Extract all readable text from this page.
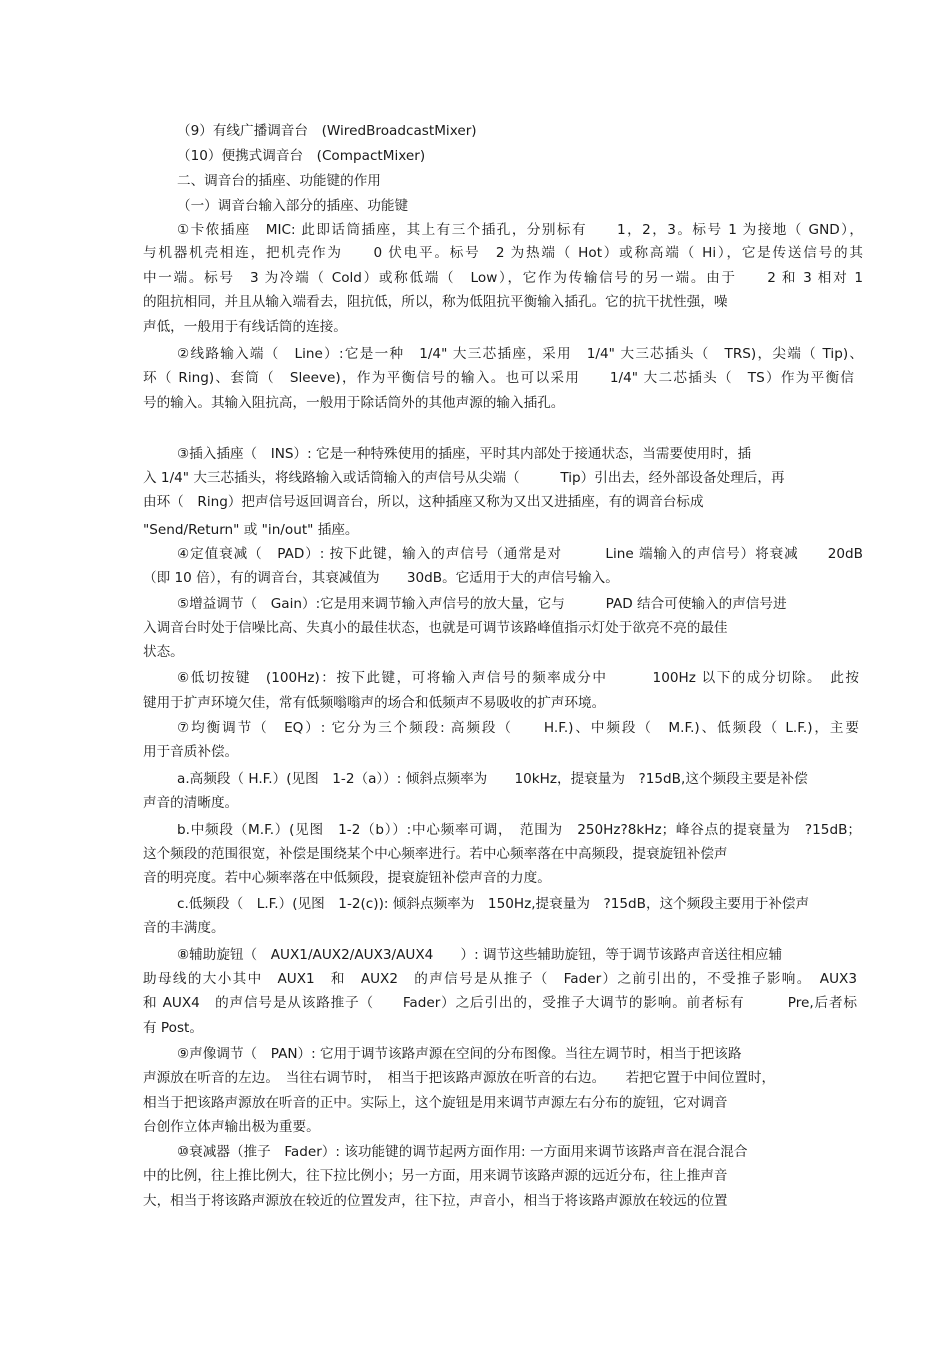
（9）有线广播调音台　(WiredBroadcastMixer)
（10）便携式调音台　(CompactMixer)
二、调音台的插座、功能键的作用
（一）调音台输入部分的插座、功能键
①卡侬插座　MIC: 此即话筒插座，其上有三个插孔，分别标有　　1，2，3。标号 1 为接地（ GND），
与机器机壳相连，把机壳作为　　0 伏电平。标号　2 为热端（ Hot）或称高端（ Hi），它是传送信号的其
中一端。标号　3 为冷端（ Cold）或称低端（　Low），它作为传输信号的另一端。由于　　2 和 3 相对 1
的阻抗相同，并且从输入端看去，阻抗低，所以，称为低阻抗平衡输入插孔。它的抗干扰性强，噪
声低，一般用于有线话筒的连接。
②线路输入端（　Line）:它是一种　1/4" 大三芯插座，采用　1/4" 大三芯插头（　TRS)，尖端（ Tip)、
环（ Ring)、套筒（　Sleeve)，作为平衡信号的输入。也可以采用　　1/4" 大二芯插头（　TS）作为平衡信
号的输入。其输入阻抗高，一般用于除话筒外的其他声源的输入插孔。
③插入插座（　INS）: 它是一种特殊使用的插座，平时其内部处于接通状态，当需要使用时，插
入 1/4" 大三芯插头，将线路输入或话筒输入的声信号从尖端（　　　Tip）引出去，经外部设备处理后，再
由环（　Ring）把声信号返回调音台，所以，这种插座又称为又出又进插座，有的调音台标成
"Send/Return" 或 "in/out" 插座。
④定值衰减（　PAD）: 按下此键，输入的声信号（通常是对　　　Line 端输入的声信号）将衰减　　20dB
（即 10 倍），有的调音台，其衰减值为　　30dB。它适用于大的声信号输入。
⑤增益调节（　Gain）:它是用来调节输入声信号的放大量，它与　　　PAD 结合可使输入的声信号进
入调音台时处于信噪比高、失真小的最佳状态，也就是可调节该路峰值指示灯处于欲亮不亮的最佳
状态。
⑥低切按键　(100Hz)：按下此键，可将输入声信号的频率成分中　　　100Hz 以下的成分切除。　此按
键用于扩声环境欠佳，常有低频嗡嗡声的场合和低频声不易吸收的扩声环境。
⑦均衡调节（　EQ）: 它分为三个频段: 高频段（　　H.F.)、中频段（　M.F.)、低频段（ L.F.)，主要
用于音质补偿。
a.高频段（ H.F.）(见图　1-2（a））: 倾斜点频率为　　10kHz，提衰量为　?15dB,这个频段主要是补偿
声音的清晰度。
b.中频段（M.F.）(见图　1-2（b））:中心频率可调，　范围为　250Hz?8kHz；峰谷点的提衰量为　?15dB；
这个频段的范围很宽，补偿是围绕某个中心频率进行。若中心频率落在中高频段，提衰旋钮补偿声
音的明亮度。若中心频率落在中低频段，提衰旋钮补偿声音的力度。
c.低频段（　L.F.）(见图　1-2(c)): 倾斜点频率为　150Hz,提衰量为　?15dB，这个频段主要用于补偿声
音的丰满度。
⑧辅助旋钮（　AUX1/AUX2/AUX3/AUX4　　）: 调节这些辅助旋钮，等于调节该路声音送往相应辅
助母线的大小其中　AUX1　和　AUX2　的声信号是从推子（　Fader）之前引出的，不受推子影响。　AUX3
和 AUX4　的声信号是从该路推子（　　Fader）之后引出的，受推子大调节的影响。前者标有　　　Pre,后者标
有 Post。
⑨声像调节（　PAN）: 它用于调节该路声源在空间的分布图像。当往左调节时，相当于把该路
声源放在听音的左边。　当往右调节时，　相当于把该路声源放在听音的右边。　　若把它置于中间位置时，
相当于把该路声源放在听音的正中。实际上，这个旋钮是用来调节声源左右分布的旋钮，它对调音
台创作立体声输出极为重要。
⑩衰减器（推子　Fader）: 该功能键的调节起两方面作用: 一方面用来调节该路声音在混合混合
中的比例，往上推比例大，往下拉比例小；另一方面，用来调节该路声源的远近分布，往上推声音
大，相当于将该路声源放在较近的位置发声，往下拉，声音小，相当于将该路声源放在较远的位置
